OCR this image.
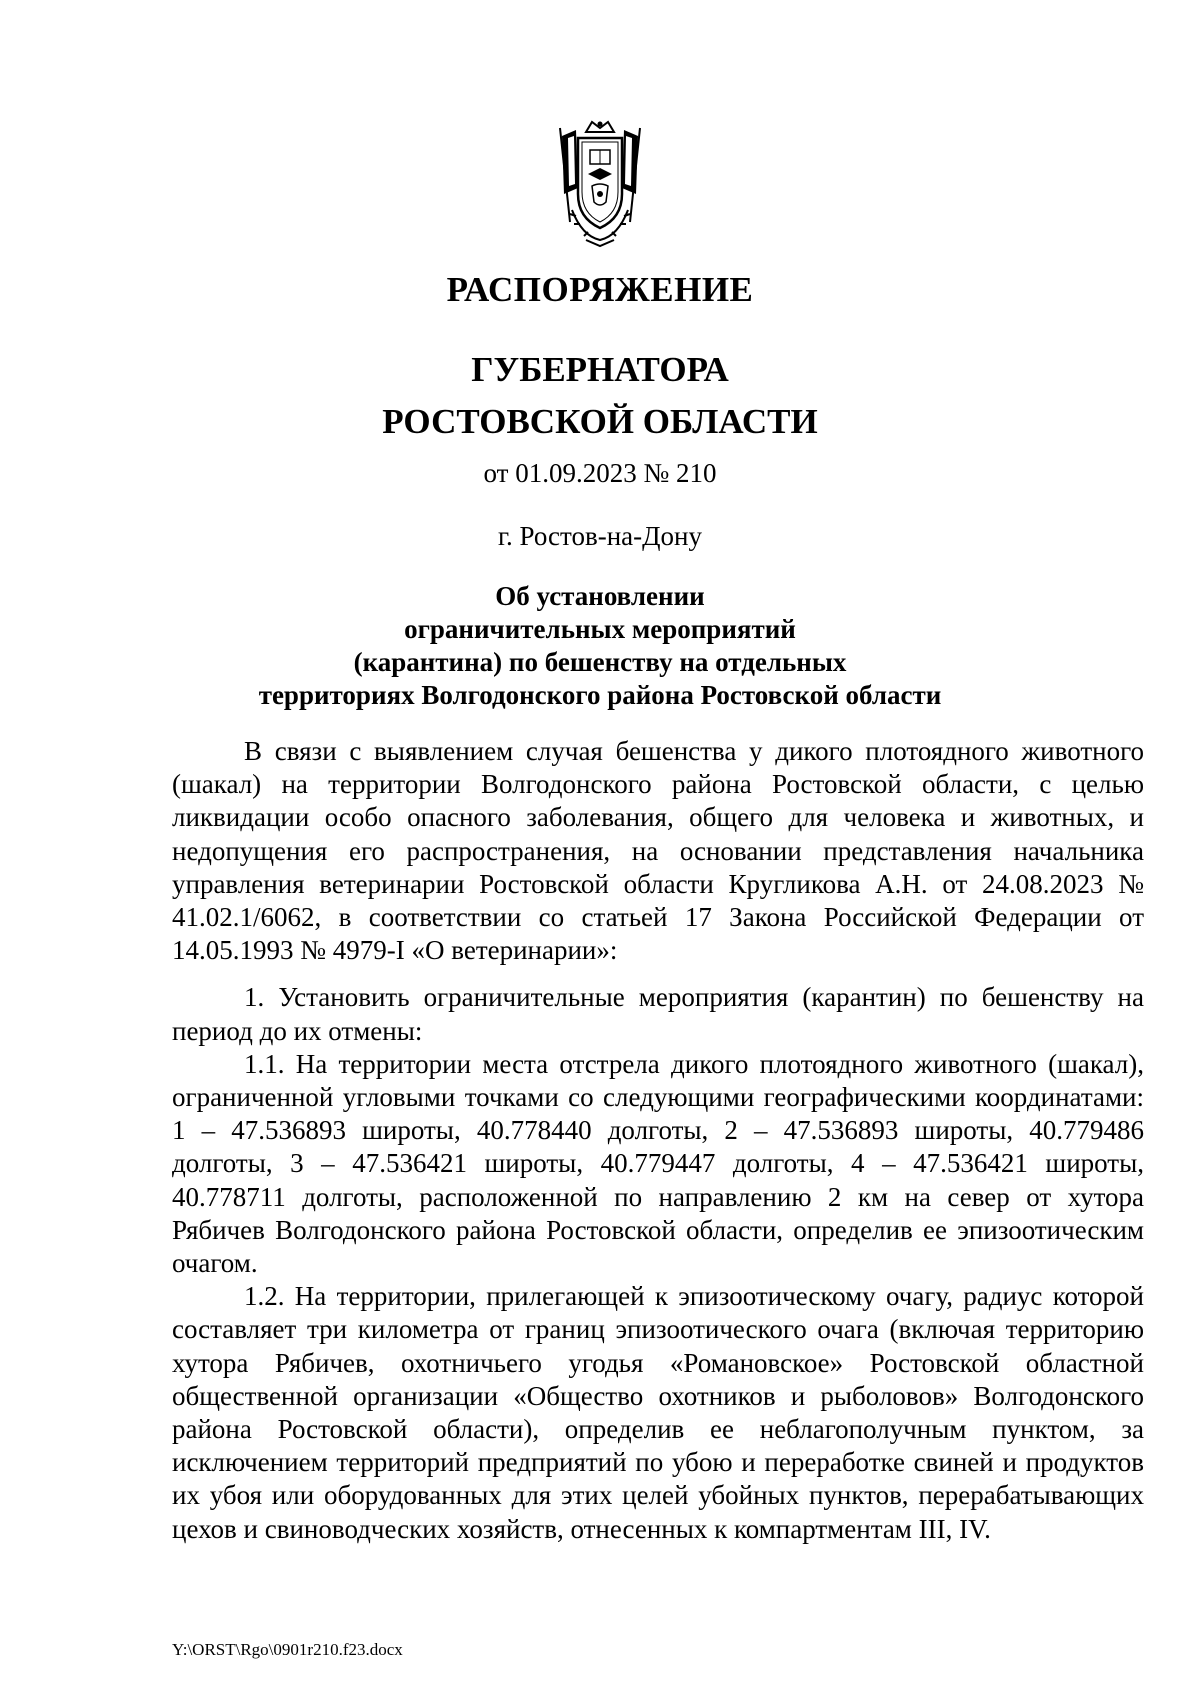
РАСПОРЯЖЕНИЕ
ГУБЕРНАТОРА
РОСТОВСКОЙ ОБЛАСТИ
от 01.09.2023 № 210
г. Ростов-на-Дону
Об установлении
ограничительных мероприятий
(карантина) по бешенству на отдельных
территориях Волгодонского района Ростовской области

В связи с выявлением случая бешенства у дикого плотоядного животного (шакал) на территории Волгодонского района Ростовской области, с целью ликвидации особо опасного заболевания, общего для человека и животных, и недопущения его распространения, на основании представления начальника управления ветеринарии Ростовской области Кругликова А.Н. от 24.08.2023 № 41.02.1/6062, в соответствии со статьей 17 Закона Российской Федерации от 14.05.1993 № 4979-I «О ветеринарии»:

1. Установить ограничительные мероприятия (карантин) по бешенству на период до их отмены:

1.1. На территории места отстрела дикого плотоядного животного (шакал), ограниченной угловыми точками со следующими географическими координатами: 1 – 47.536893 широты, 40.778440 долготы, 2 – 47.536893 широты, 40.779486 долготы, 3 – 47.536421 широты, 40.779447 долготы, 4 – 47.536421 широты, 40.778711 долготы, расположенной по направлению 2 км на север от хутора Рябичев Волгодонского района Ростовской области, определив ее эпизоотическим очагом.

1.2. На территории, прилегающей к эпизоотическому очагу, радиус которой составляет три километра от границ эпизоотического очага (включая территорию хутора Рябичев, охотничьего угодья «Романовское» Ростовской областной общественной организации «Общество охотников и рыболовов» Волгодонского района Ростовской области), определив ее неблагополучным пунктом, за исключением территорий предприятий по убою и переработке свиней и продуктов их убоя или оборудованных для этих целей убойных пунктов, перерабатывающих цехов и свиноводческих хозяйств, отнесенных к компартментам III, IV.

Y:\ORST\Rgo\0901r210.f23.docx
